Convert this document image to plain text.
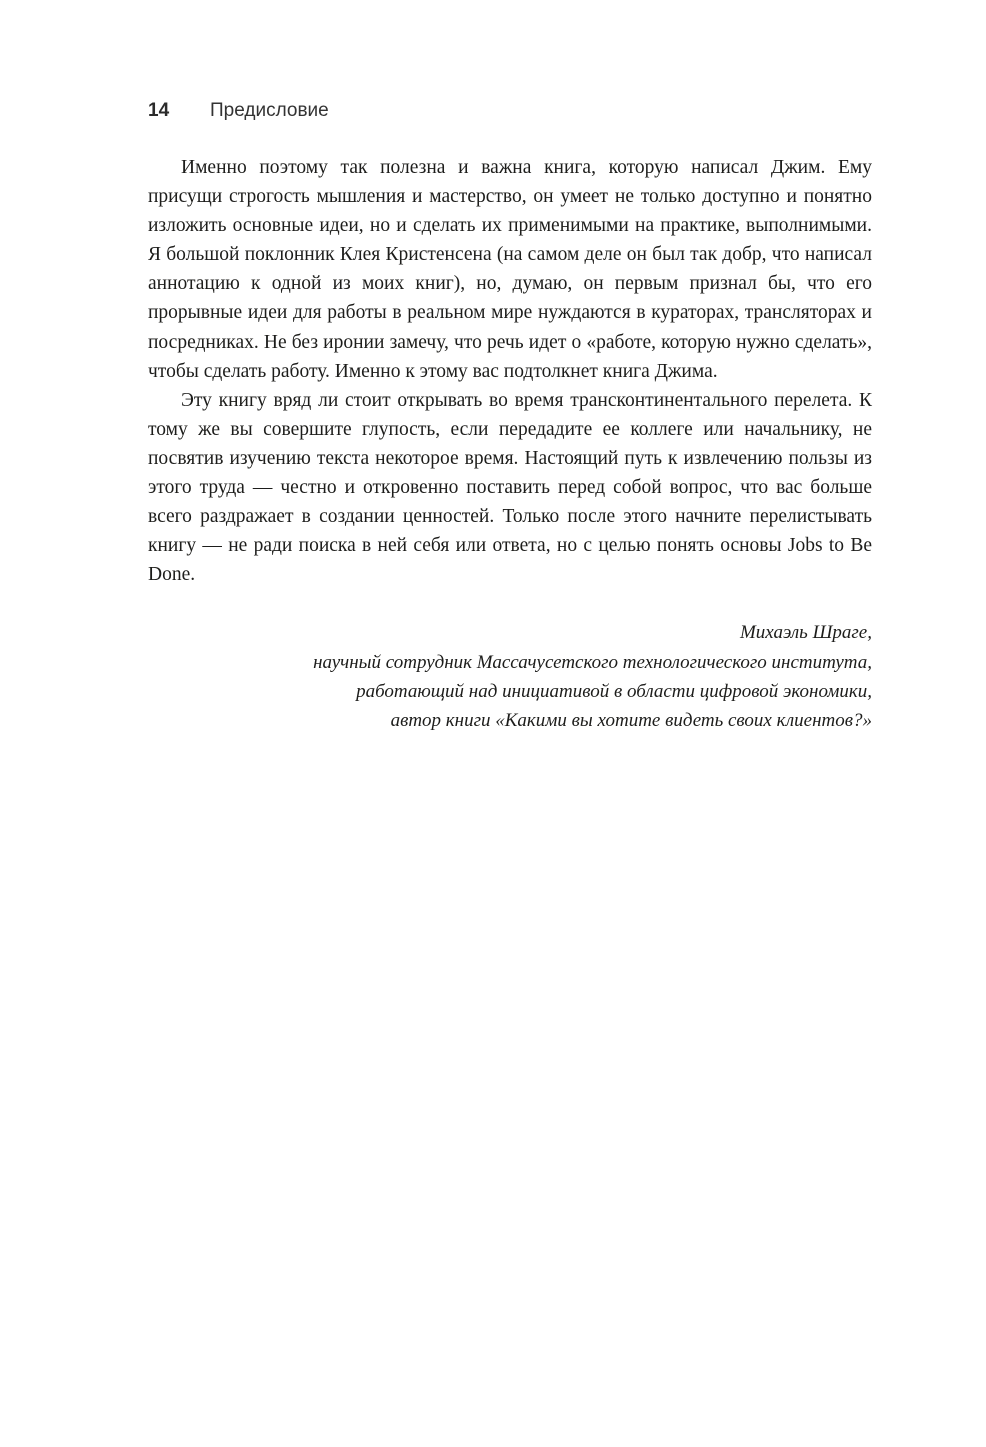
14	Предисловие

Именно поэтому так полезна и важна книга, которую написал Джим. Ему присущи строгость мышления и мастерство, он умеет не только доступно и понятно изложить основные идеи, но и сделать их применимыми на практике, выполнимыми. Я большой поклонник Клея Кристенсена (на самом деле он был так добр, что написал аннотацию к одной из моих книг), но, думаю, он первым признал бы, что его прорывные идеи для работы в реальном мире нуждаются в кураторах, трансляторах и посредниках. Не без иронии замечу, что речь идет о «работе, которую нужно сделать», чтобы сделать работу. Именно к этому вас подтолкнет книга Джима.

Эту книгу вряд ли стоит открывать во время трансконтинентального перелета. К тому же вы совершите глупость, если передадите ее коллеге или начальнику, не посвятив изучению текста некоторое время. Настоящий путь к извлечению пользы из этого труда — честно и откровенно поставить перед собой вопрос, что вас больше всего раздражает в создании ценностей. Только после этого начните перелистывать книгу — не ради поиска в ней себя или ответа, но с целью понять основы Jobs to Be Done.

Михаэль Шраге,
научный сотрудник Массачусетского технологического института,
работающий над инициативой в области цифровой экономики,
автор книги «Какими вы хотите видеть своих клиентов?»
